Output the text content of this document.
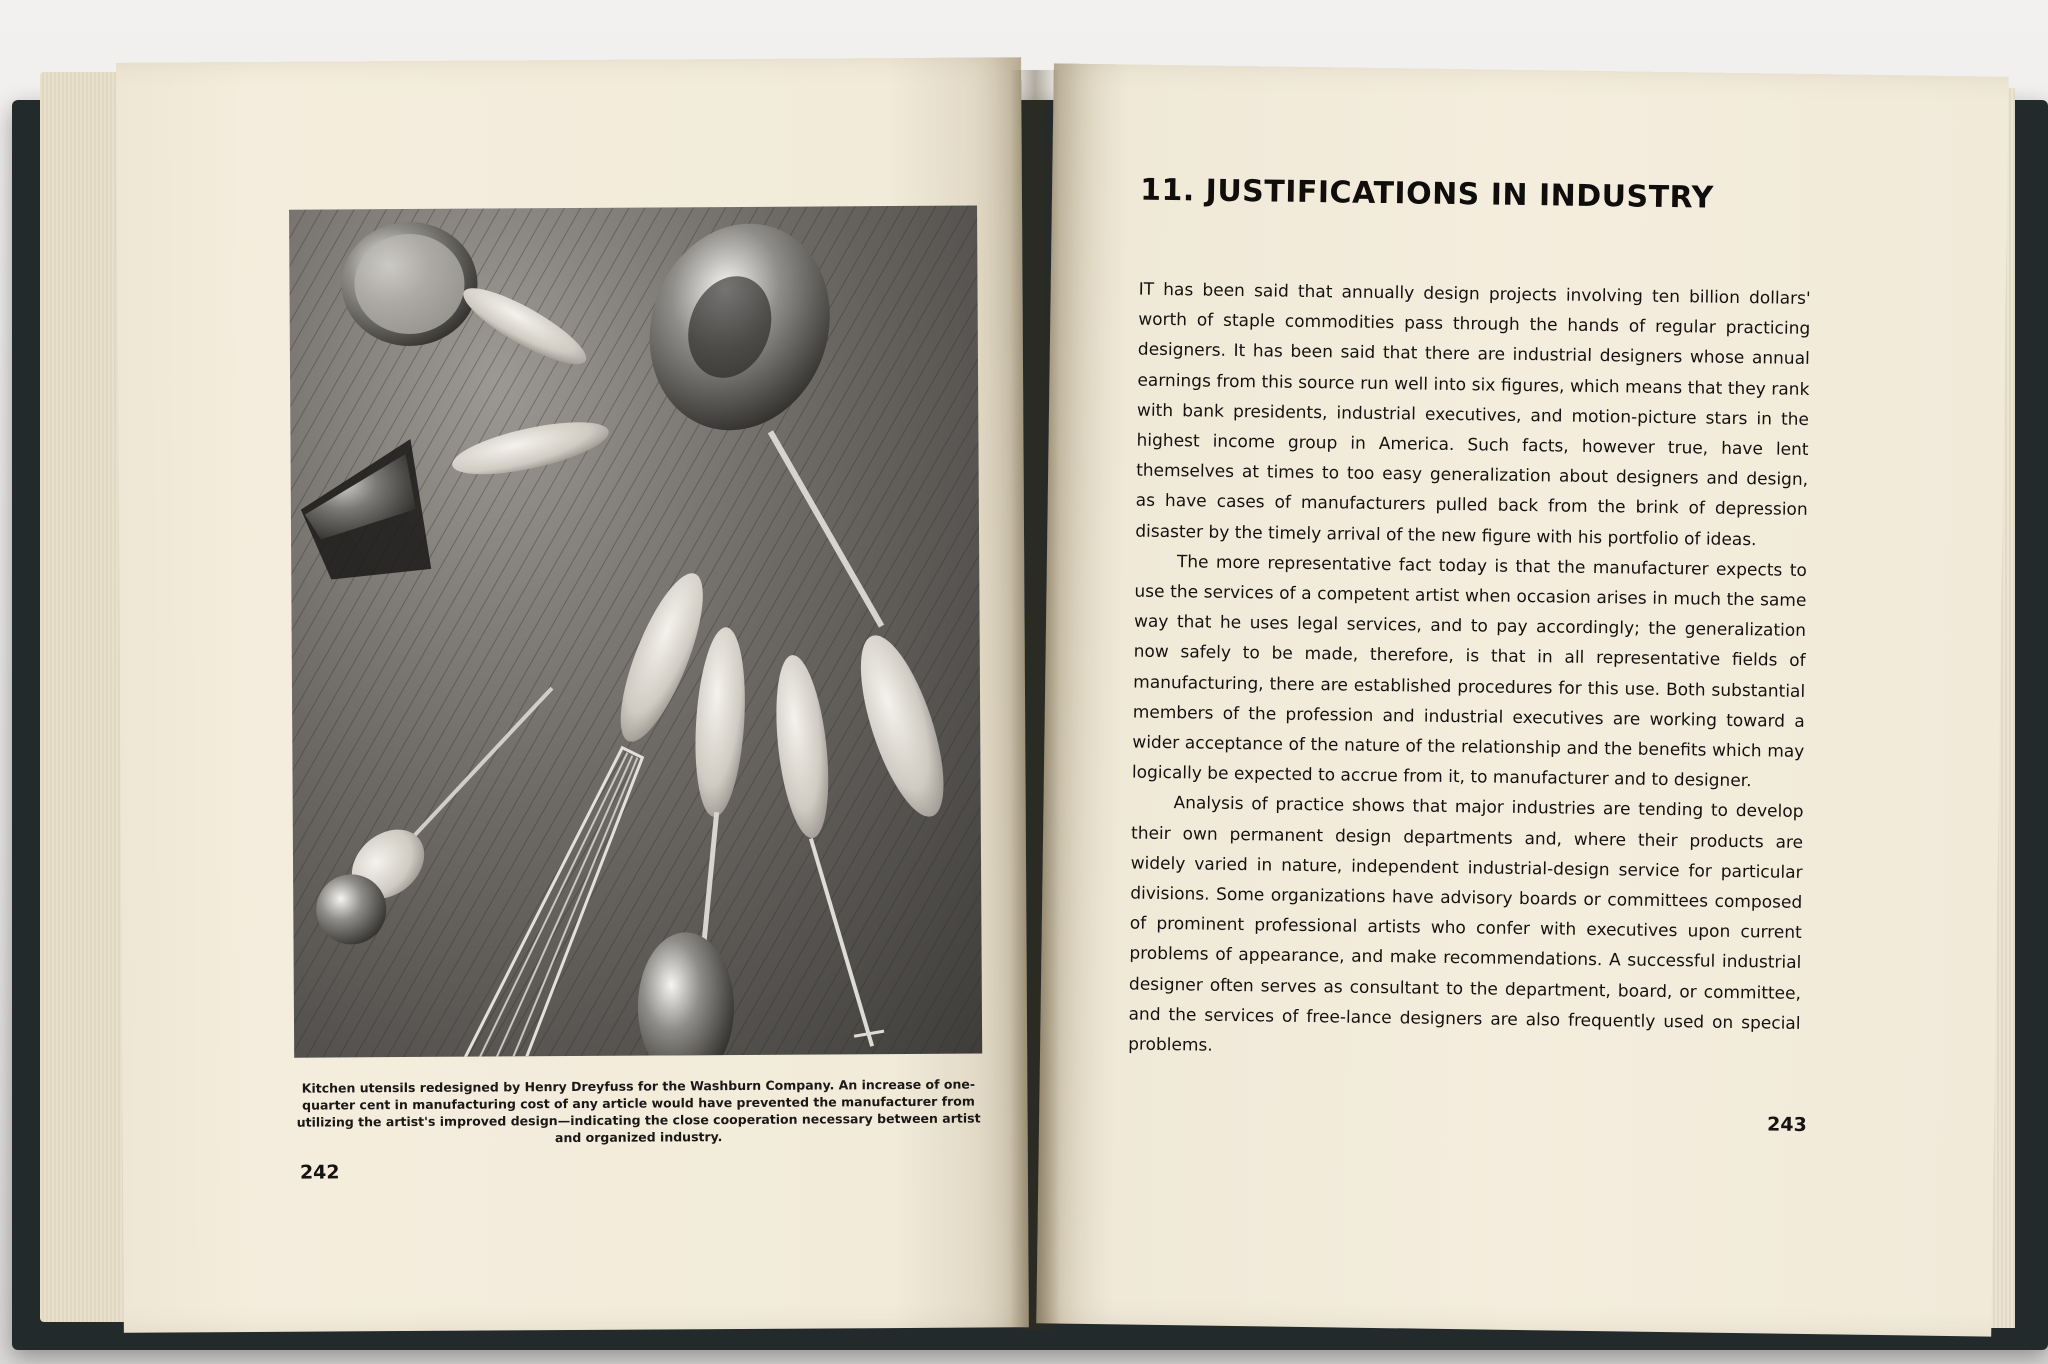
Kitchen utensils redesigned by Henry Dreyfuss for the Washburn Company. An increase of one-quarter cent in manufacturing cost of any article would have prevented the manufacturer from utilizing the artist's improved design—indicating the close cooperation necessary between artist and organized industry.
242
11. JUSTIFICATIONS IN INDUSTRY

IT has been said that annually design projects involving ten billion dollars' worth of staple commodities pass through the hands of regular practicing designers. It has been said that there are industrial designers whose annual earnings from this source run well into six figures, which means that they rank with bank presidents, industrial executives, and motion-picture stars in the highest income group in America. Such facts, however true, have lent themselves at times to too easy generalization about designers and design, as have cases of manufacturers pulled back from the brink of depression disaster by the timely arrival of the new figure with his portfolio of ideas.

The more representative fact today is that the manufacturer expects to use the services of a competent artist when occasion arises in much the same way that he uses legal services, and to pay accordingly; the generalization now safely to be made, therefore, is that in all representative fields of manufacturing, there are established procedures for this use. Both substantial members of the profession and industrial executives are working toward a wider acceptance of the nature of the relationship and the benefits which may logically be expected to accrue from it, to manufacturer and to designer.

Analysis of practice shows that major industries are tending to develop their own permanent design departments and, where their products are widely varied in nature, independent industrial-design service for particular divisions. Some organizations have advisory boards or committees composed of prominent professional artists who confer with executives upon current problems of appearance, and make recommendations. A successful industrial designer often serves as consultant to the department, board, or committee, and the services of free-lance designers are also frequently used on special problems.

243
